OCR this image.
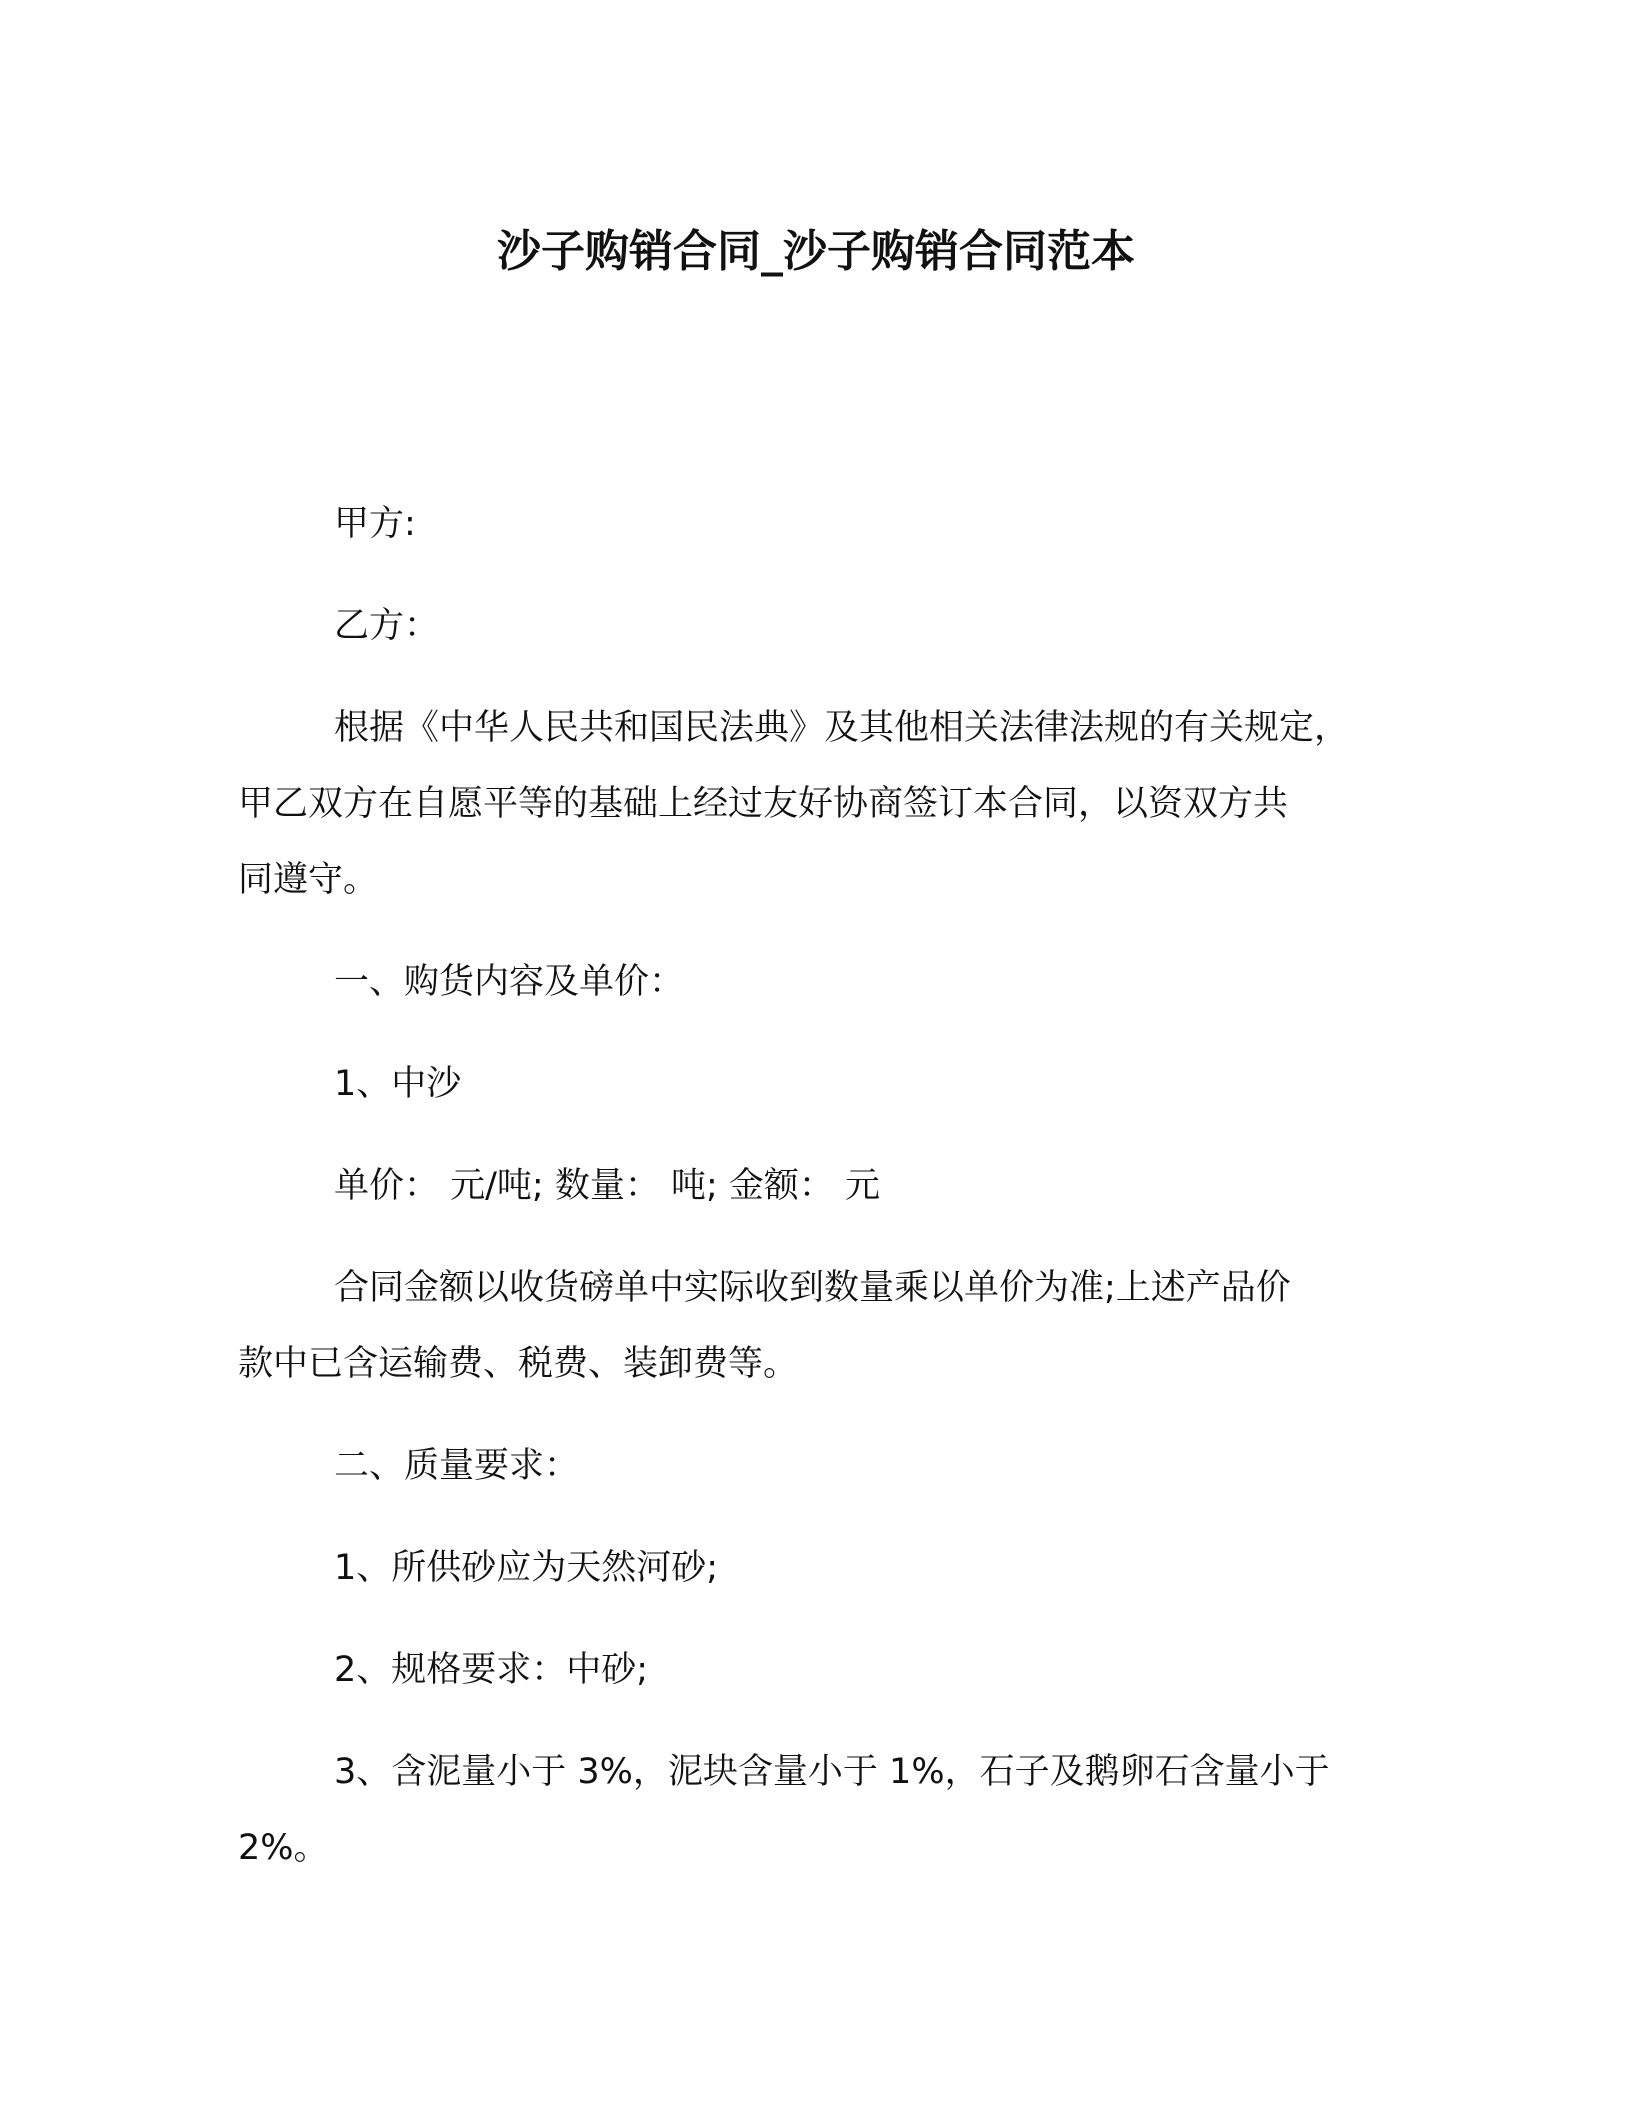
沙子购销合同_沙子购销合同范本
甲方:
乙方：
根据《中华人民共和国民法典》及其他相关法律法规的有关规定，
甲乙双方在自愿平等的基础上经过友好协商签订本合同，以资双方共
同遵守。
一、购货内容及单价：
1、中沙
单价： 元/吨; 数量： 吨; 金额： 元
合同金额以收货磅单中实际收到数量乘以单价为准;上述产品价
款中已含运输费、税费、装卸费等。
二、质量要求：
1、所供砂应为天然河砂;
2、规格要求：中砂;
3、含泥量小于 3%，泥块含量小于 1%，石子及鹅卵石含量小于
2%。
